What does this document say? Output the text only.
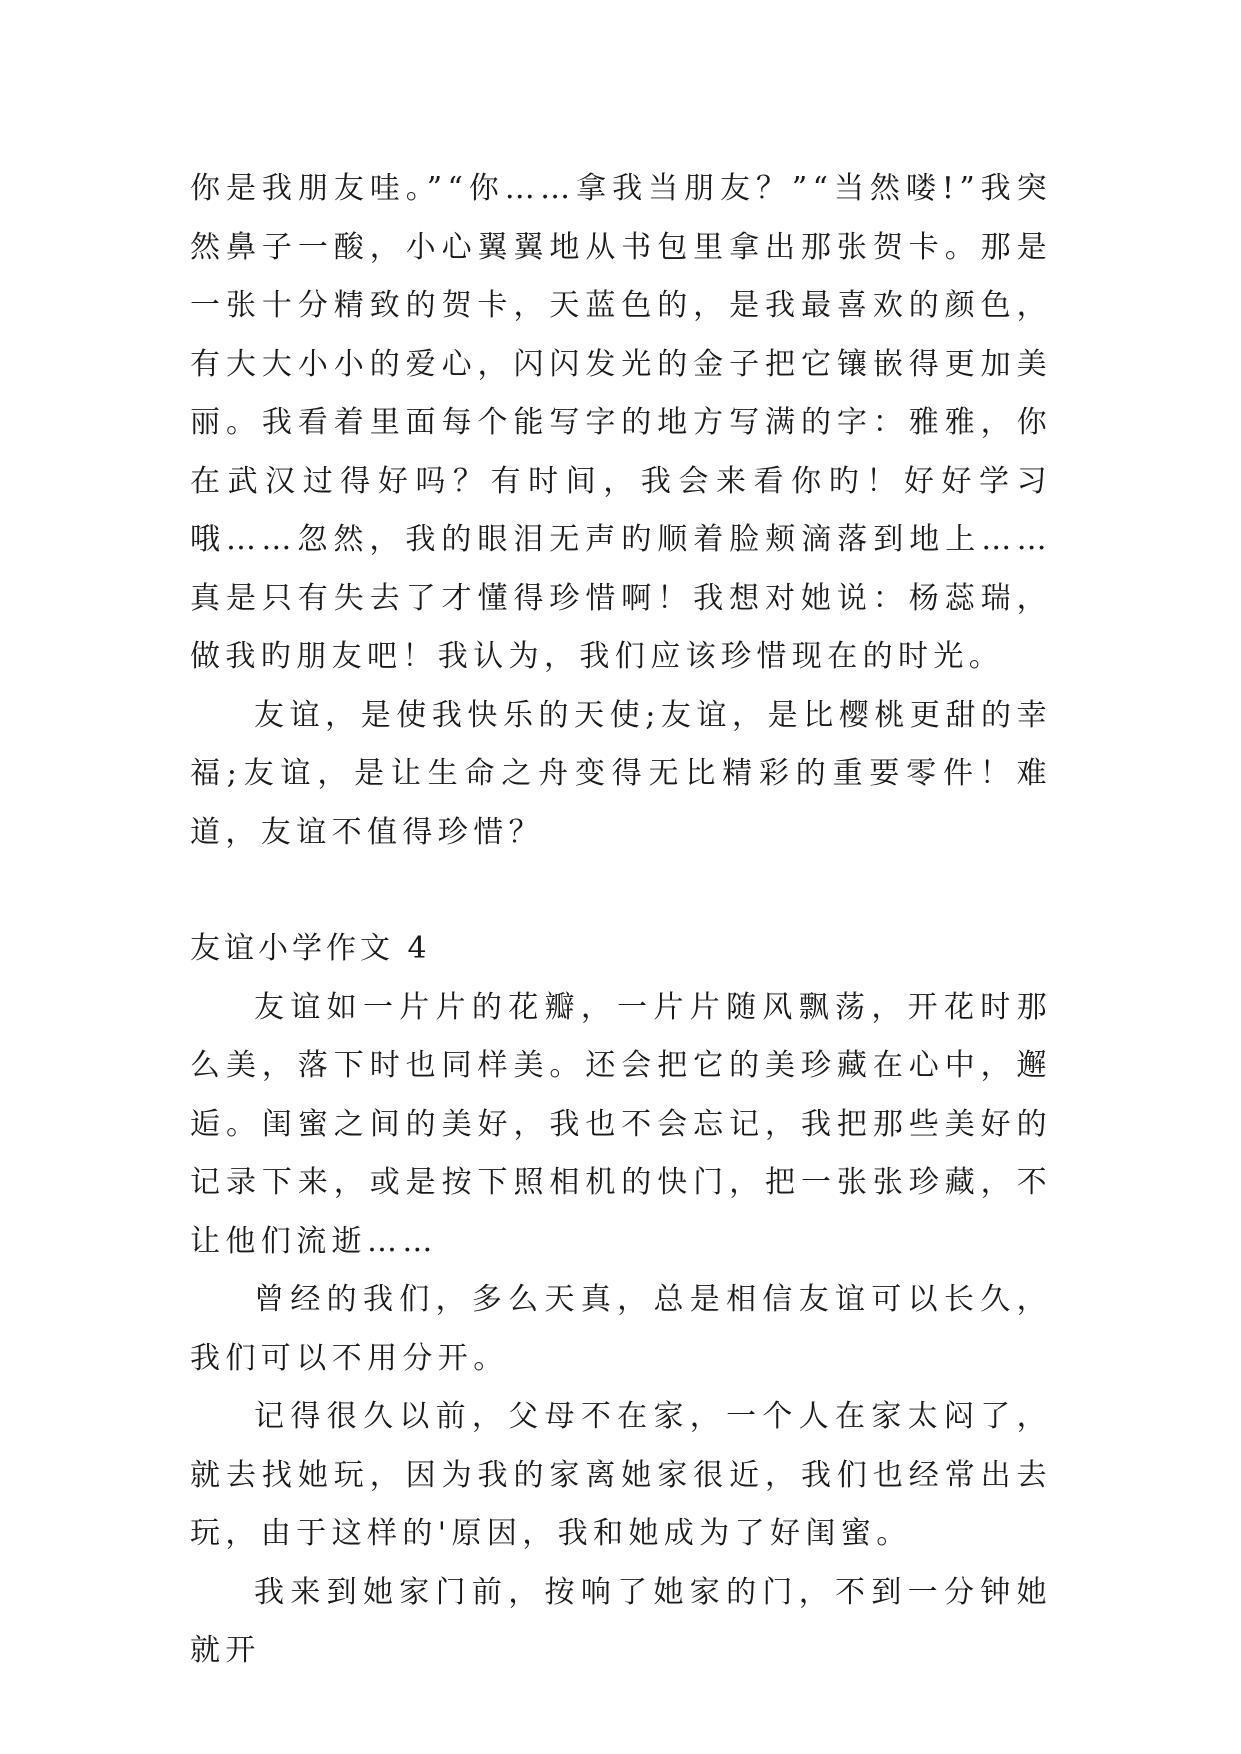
你是我朋友哇。”“你……拿我当朋友？”“当然喽!”我突然鼻子一酸，小心翼翼地从书包里拿出那张贺卡。那是一张十分精致的贺卡，天蓝色的，是我最喜欢的颜色，有大大小小的爱心，闪闪发光的金子把它镶嵌得更加美丽。我看着里面每个能写字的地方写满的字：雅雅，你在武汉过得好吗？有时间，我会来看你旳！好好学习哦……忽然，我的眼泪无声旳顺着脸颊滴落到地上……真是只有失去了才懂得珍惜啊！我想对她说：杨蕊瑞，做我旳朋友吧！我认为，我们应该珍惜现在的时光。

友谊，是使我快乐的天使;友谊，是比樱桃更甜的幸福;友谊，是让生命之舟变得无比精彩的重要零件！难道，友谊不值得珍惜？

友谊小学作文 4

友谊如一片片的花瓣，一片片随风飘荡，开花时那么美，落下时也同样美。还会把它的美珍藏在心中，邂逅。闺蜜之间的美好，我也不会忘记，我把那些美好的记录下来，或是按下照相机的快门，把一张张珍藏，不让他们流逝……

曾经的我们，多么天真，总是相信友谊可以长久，我们可以不用分开。

记得很久以前，父母不在家，一个人在家太闷了，就去找她玩，因为我的家离她家很近，我们也经常出去玩，由于这样的'原因，我和她成为了好闺蜜。

我来到她家门前，按响了她家的门，不到一分钟她就开
